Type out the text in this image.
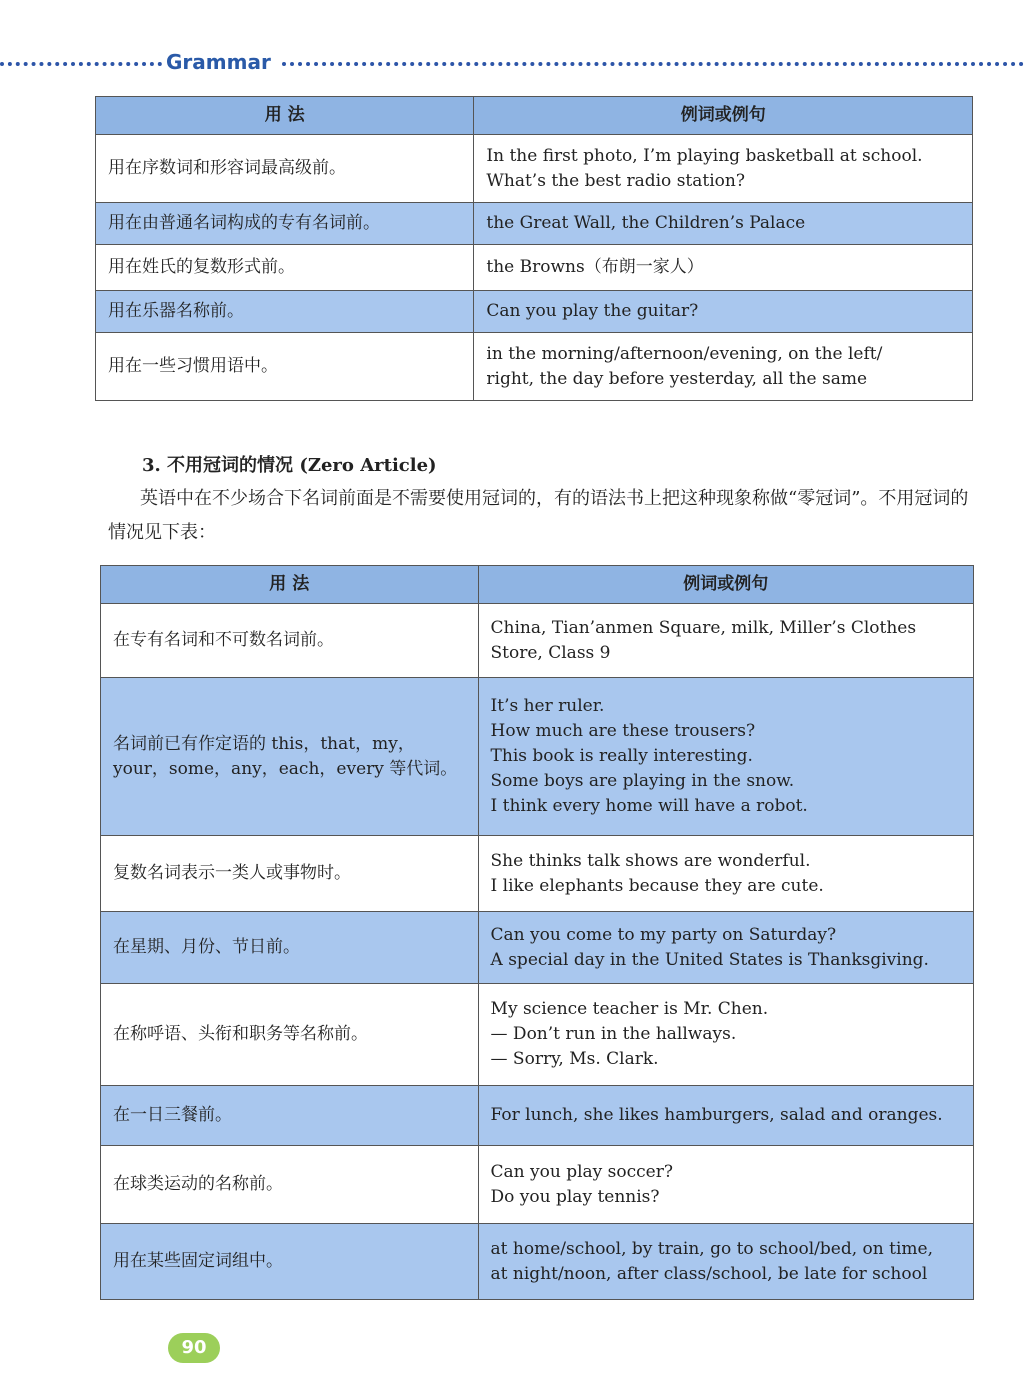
Grammar
用 法	例词或例句
用在序数词和形容词最高级前。	In the first photo, I’m playing basketball at school.
What’s the best radio station?
用在由普通名词构成的专有名词前。	the Great Wall, the Children’s Palace
用在姓氏的复数形式前。	the Browns（布朗一家人）
用在乐器名称前。	Can you play the guitar?
用在一些习惯用语中。	in the morning/afternoon/evening, on the left/
right, the day before yesterday, all the same
3. 不用冠词的情况 (Zero Article)
英语中在不少场合下名词前面是不需要使用冠词的，有的语法书上把这种现象称做“零冠词”。不用冠词的情况见下表：
用 法	例词或例句
在专有名词和不可数名词前。	China, Tian’anmen Square, milk, Miller’s Clothes
Store, Class 9
名词前已有作定语的 this，that，my，your，some，any，each，every 等代词。	It’s her ruler.
How much are these trousers?
This book is really interesting.
Some boys are playing in the snow.
I think every home will have a robot.
复数名词表示一类人或事物时。	She thinks talk shows are wonderful.
I like elephants because they are cute.
在星期、月份、节日前。	Can you come to my party on Saturday?
A special day in the United States is Thanksgiving.
在称呼语、头衔和职务等名称前。	My science teacher is Mr. Chen.
— Don’t run in the hallways.
— Sorry, Ms. Clark.
在一日三餐前。	For lunch, she likes hamburgers, salad and oranges.
在球类运动的名称前。	Can you play soccer?
Do you play tennis?
用在某些固定词组中。	at home/school, by train, go to school/bed, on time,
at night/noon, after class/school, be late for school
90
